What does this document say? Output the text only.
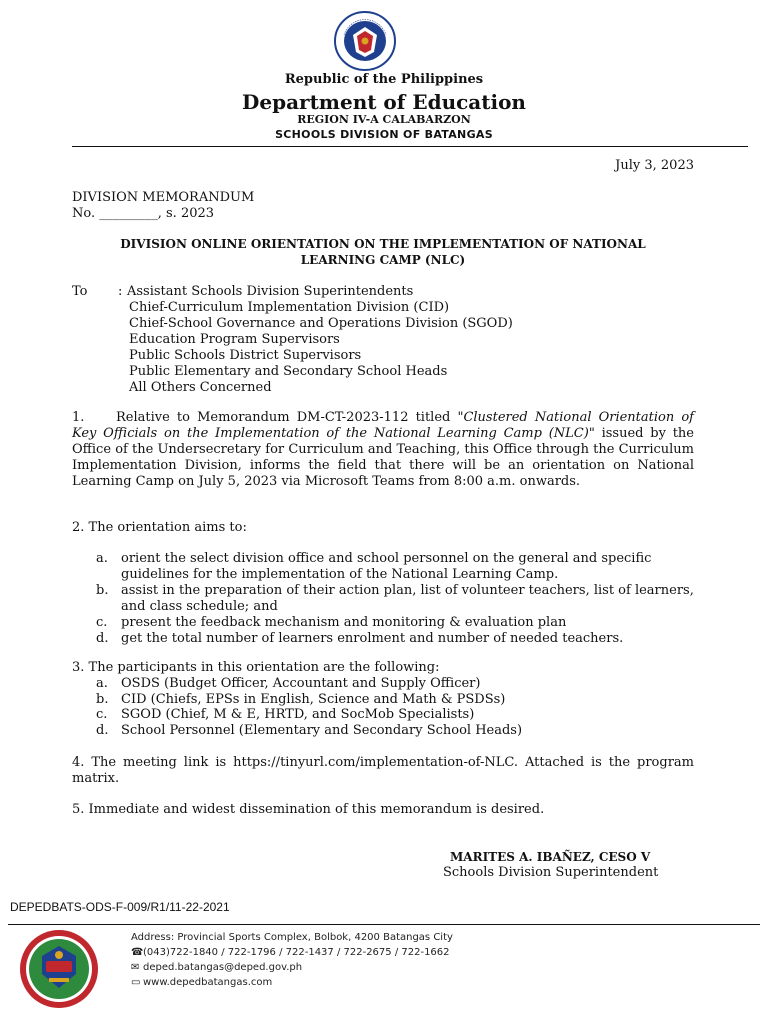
Republic of the Philippines
Department of Education
REGION IV-A CALABARZON
SCHOOLS DIVISION OF BATANGAS
July 3, 2023
DIVISION MEMORANDUM
No. _________, s. 2023
DIVISION ONLINE ORIENTATION ON THE IMPLEMENTATION OF NATIONAL
LEARNING CAMP (NLC)
To : Assistant Schools Division Superintendents
Chief-Curriculum Implementation Division (CID)
Chief-School Governance and Operations Division (SGOD)
Education Program Supervisors
Public Schools District Supervisors
Public Elementary and Secondary School Heads
All Others Concerned
1. Relative to Memorandum DM-CT-2023-112 titled "Clustered National Orientation of Key Officials on the Implementation of the National Learning Camp (NLC)" issued by the Office of the Undersecretary for Curriculum and Teaching, this Office through the Curriculum Implementation Division, informs the field that there will be an orientation on National Learning Camp on July 5, 2023 via Microsoft Teams from 8:00 a.m. onwards.
2. The orientation aims to:
a. orient the select division office and school personnel on the general and specific guidelines for the implementation of the National Learning Camp.
b. assist in the preparation of their action plan, list of volunteer teachers, list of learners, and class schedule; and
c. present the feedback mechanism and monitoring & evaluation plan
d. get the total number of learners enrolment and number of needed teachers.
3. The participants in this orientation are the following:
a. OSDS (Budget Officer, Accountant and Supply Officer)
b. CID (Chiefs, EPSs in English, Science and Math & PSDSs)
c. SGOD (Chief, M & E, HRTD, and SocMob Specialists)
d. School Personnel (Elementary and Secondary School Heads)
4. The meeting link is https://tinyurl.com/implementation-of-NLC. Attached is the program matrix.
5. Immediate and widest dissemination of this memorandum is desired.
MARITES A. IBAÑEZ, CESO V
Schools Division Superintendent
DEPEDBATS-ODS-F-009/R1/11-22-2021
Address: Provincial Sports Complex, Bolbok, 4200 Batangas City
☎(043)722-1840 / 722-1796 / 722-1437 / 722-2675 / 722-1662
✉ deped.batangas@deped.gov.ph
▭ www.depedbatangas.com
